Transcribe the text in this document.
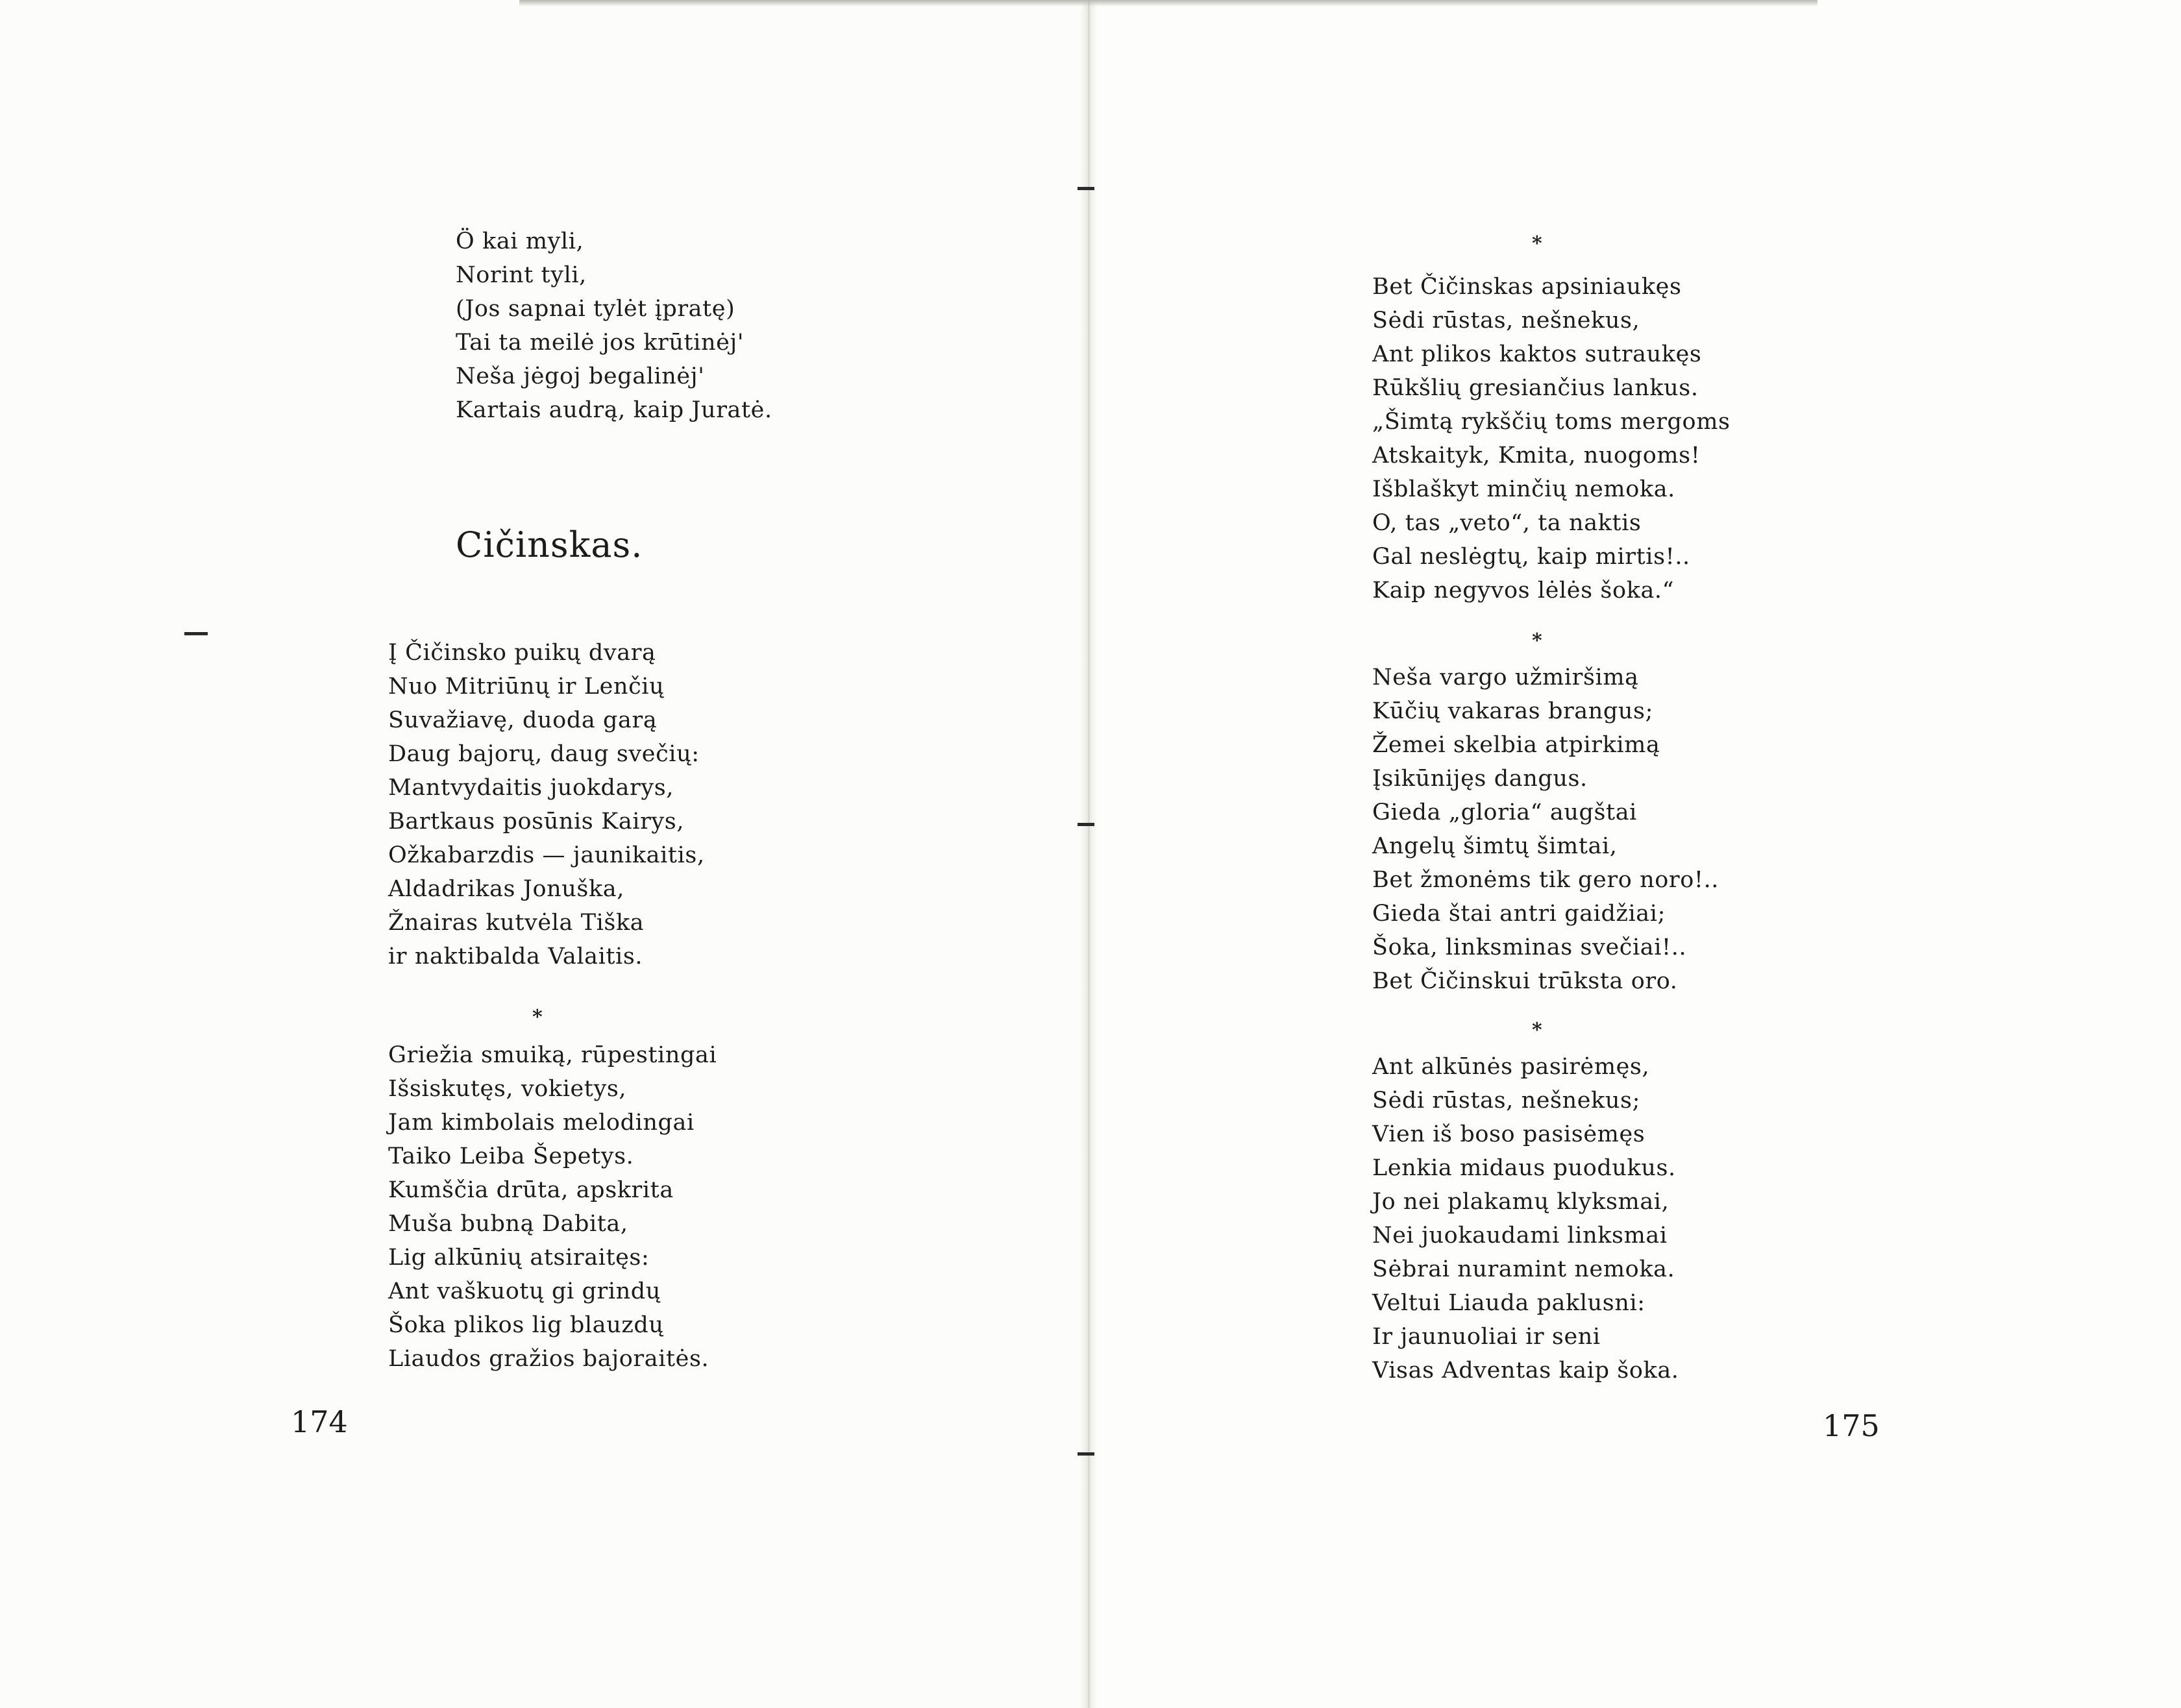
Ö kai myli,
Norint tyli,
(Jos sapnai tylėt įpratę)
Tai ta meilė jos krūtinėj'
Neša jėgoj begalinėj'
Kartais audrą, kaip Juratė.
Cičinskas.
Į Čičinsko puikų dvarą
Nuo Mitriūnų ir Lenčių
Suvažiavę, duoda garą
Daug bajorų, daug svečių:
Mantvydaitis juokdarys,
Bartkaus posūnis Kairys,
Ožkabarzdis — jaunikaitis,
Aldadrikas Jonuška,
Žnairas kutvėla Tiška
ir naktibalda Valaitis.
*
Griežia smuiką, rūpestingai
Išsiskutęs, vokietys,
Jam kimbolais melodingai
Taiko Leiba Šepetys.
Kumščia drūta, apskrita
Muša bubną Dabita,
Lig alkūnių atsiraitęs:
Ant vaškuotų gi grindų
Šoka plikos lig blauzdų
Liaudos gražios bajoraitės.
174
*
Bet Čičinskas apsiniaukęs
Sėdi rūstas, nešnekus,
Ant plikos kaktos sutraukęs
Rūkšlių gresiančius lankus.
„Šimtą rykščių toms mergoms
Atskaityk, Kmita, nuogoms!
Išblaškyt minčių nemoka.
O, tas „veto“, ta naktis
Gal neslėgtų, kaip mirtis!..
Kaip negyvos lėlės šoka.“
*
Neša vargo užmiršimą
Kūčių vakaras brangus;
Žemei skelbia atpirkimą
Įsikūnijęs dangus.
Gieda „gloria“ augštai
Angelų šimtų šimtai,
Bet žmonėms tik gero noro!..
Gieda štai antri gaidžiai;
Šoka, linksminas svečiai!..
Bet Čičinskui trūksta oro.
*
Ant alkūnės pasirėmęs,
Sėdi rūstas, nešnekus;
Vien iš boso pasisėmęs
Lenkia midaus puodukus.
Jo nei plakamų klyksmai,
Nei juokaudami linksmai
Sėbrai nuramint nemoka.
Veltui Liauda paklusni:
Ir jaunuoliai ir seni
Visas Adventas kaip šoka.
175
